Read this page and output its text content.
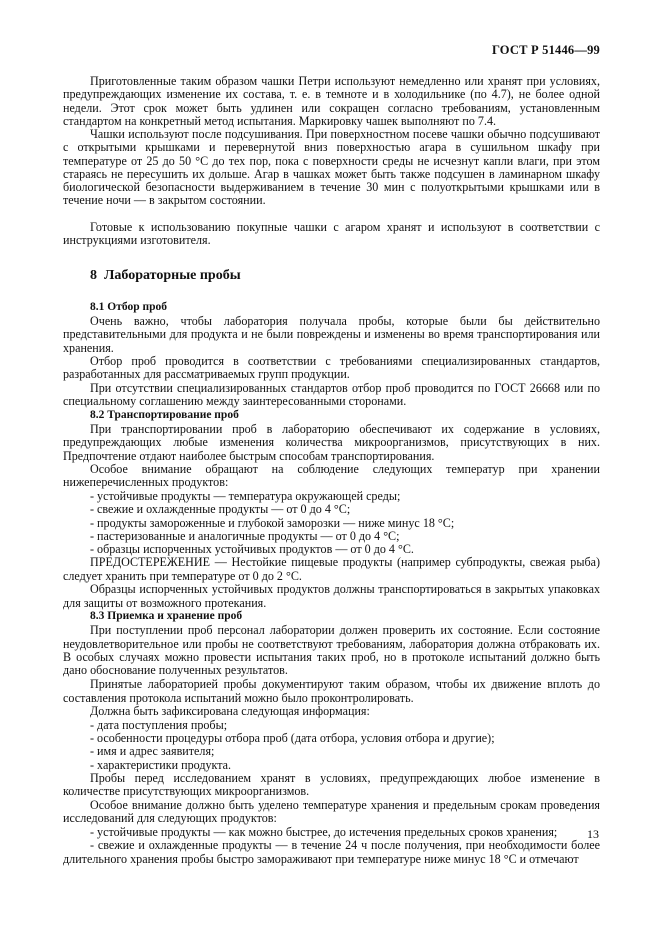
ГОСТ Р 51446—99

Приготовленные таким образом чашки Петри используют немедленно или хранят при условиях, предупреждающих изменение их состава, т. е. в темноте и в холодильнике (по 4.7), не более одной недели. Этот срок может быть удлинен или сокращен согласно требованиям, установленным стандартом на конкретный метод испытания. Маркировку чашек выполняют по 7.4.

Чашки используют после подсушивания. При поверхностном посеве чашки обычно подсушивают с открытыми крышками и перевернутой вниз поверхностью агара в сушильном шкафу при температуре от 25 до 50 °С до тех пор, пока с поверхности среды не исчезнут капли влаги, при этом стараясь не пересушить их дольше. Агар в чашках может быть также подсушен в ламинарном шкафу биологической безопасности выдерживанием в течение 30 мин с полуоткрытыми крышками или в течение ночи — в закрытом состоянии.

Готовые к использованию покупные чашки с агаром хранят и используют в соответствии с инструкциями изготовителя.

8 Лабораторные пробы
8.1 Отбор проб

Очень важно, чтобы лаборатория получала пробы, которые были бы действительно представительными для продукта и не были повреждены и изменены во время транспортирования или хранения.

Отбор проб проводится в соответствии с требованиями специализированных стандартов, разработанных для рассматриваемых групп продукции.

При отсутствии специализированных стандартов отбор проб проводится по ГОСТ 26668 или по специальному соглашению между заинтересованными сторонами.

8.2 Транспортирование проб

При транспортировании проб в лабораторию обеспечивают их содержание в условиях, предупреждающих любые изменения количества микроорганизмов, присутствующих в них. Предпочтение отдают наиболее быстрым способам транспортирования.

Особое внимание обращают на соблюдение следующих температур при хранении нижеперечисленных продуктов:

- устойчивые продукты — температура окружающей среды;
- свежие и охлажденные продукты — от 0 до 4 °С;
- продукты замороженные и глубокой заморозки — ниже минус 18 °С;
- пастеризованные и аналогичные продукты — от 0 до 4 °С;
- образцы испорченных устойчивых продуктов — от 0 до 4 °С.

ПРЕДОСТЕРЕЖЕНИЕ — Нестойкие пищевые продукты (например субпродукты, свежая рыба) следует хранить при температуре от 0 до 2 °С.

Образцы испорченных устойчивых продуктов должны транспортироваться в закрытых упаковках для защиты от возможного протекания.

8.3 Приемка и хранение проб

При поступлении проб персонал лаборатории должен проверить их состояние. Если состояние неудовлетворительное или пробы не соответствуют требованиям, лаборатория должна отбраковать их. В особых случаях можно провести испытания таких проб, но в протоколе испытаний должно быть дано обоснование полученных результатов.

Принятые лабораторией пробы документируют таким образом, чтобы их движение вплоть до составления протокола испытаний можно было проконтролировать.

Должна быть зафиксирована следующая информация:

- дата поступления пробы;
- особенности процедуры отбора проб (дата отбора, условия отбора и другие);
- имя и адрес заявителя;
- характеристики продукта.

Пробы перед исследованием хранят в условиях, предупреждающих любое изменение в количестве присутствующих микроорганизмов.

Особое внимание должно быть уделено температуре хранения и предельным срокам проведения исследований для следующих продуктов:

- устойчивые продукты — как можно быстрее, до истечения предельных сроков хранения;

- свежие и охлажденные продукты — в течение 24 ч после получения, при необходимости более длительного хранения пробы быстро замораживают при температуре ниже минус 18 °С и отмечают

13
